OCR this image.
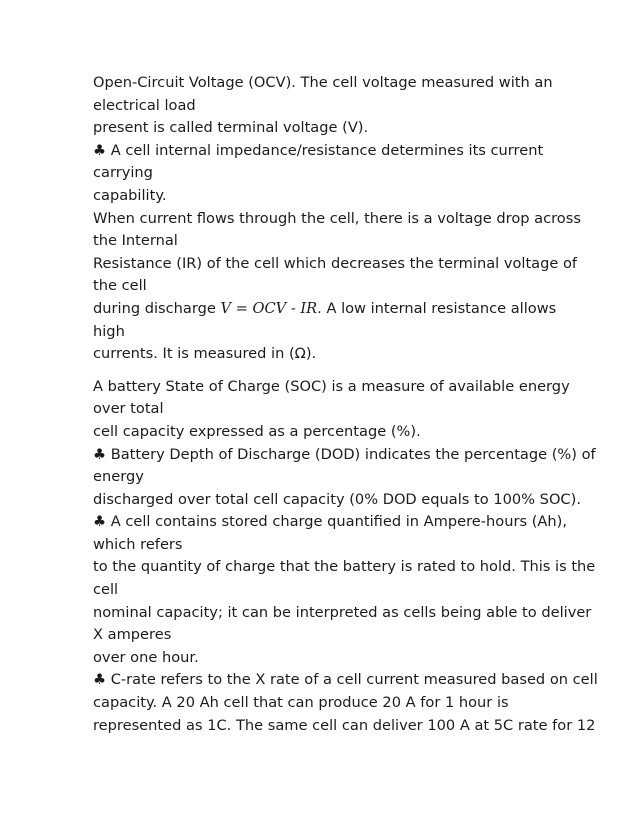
Open-Circuit Voltage (OCV). The cell voltage measured with an
electrical load
present is called terminal voltage (V).
♣ A cell internal impedance/resistance determines its current
carrying
capability.
When current flows through the cell, there is a voltage drop across
the Internal
Resistance (IR) of the cell which decreases the terminal voltage of
the cell
during discharge V = OCV - IR. A low internal resistance allows
high
currents. It is measured in (Ω).
A battery State of Charge (SOC) is a measure of available energy
over total
cell capacity expressed as a percentage (%).
♣ Battery Depth of Discharge (DOD) indicates the percentage (%) of
energy
discharged over total cell capacity (0% DOD equals to 100% SOC).
♣ A cell contains stored charge quantified in Ampere-hours (Ah),
which refers
to the quantity of charge that the battery is rated to hold. This is the
cell
nominal capacity; it can be interpreted as cells being able to deliver
X amperes
over one hour.
♣ C-rate refers to the X rate of a cell current measured based on cell
capacity. A 20 Ah cell that can produce 20 A for 1 hour is
represented as 1C. The same cell can deliver 100 A at 5C rate for 12
